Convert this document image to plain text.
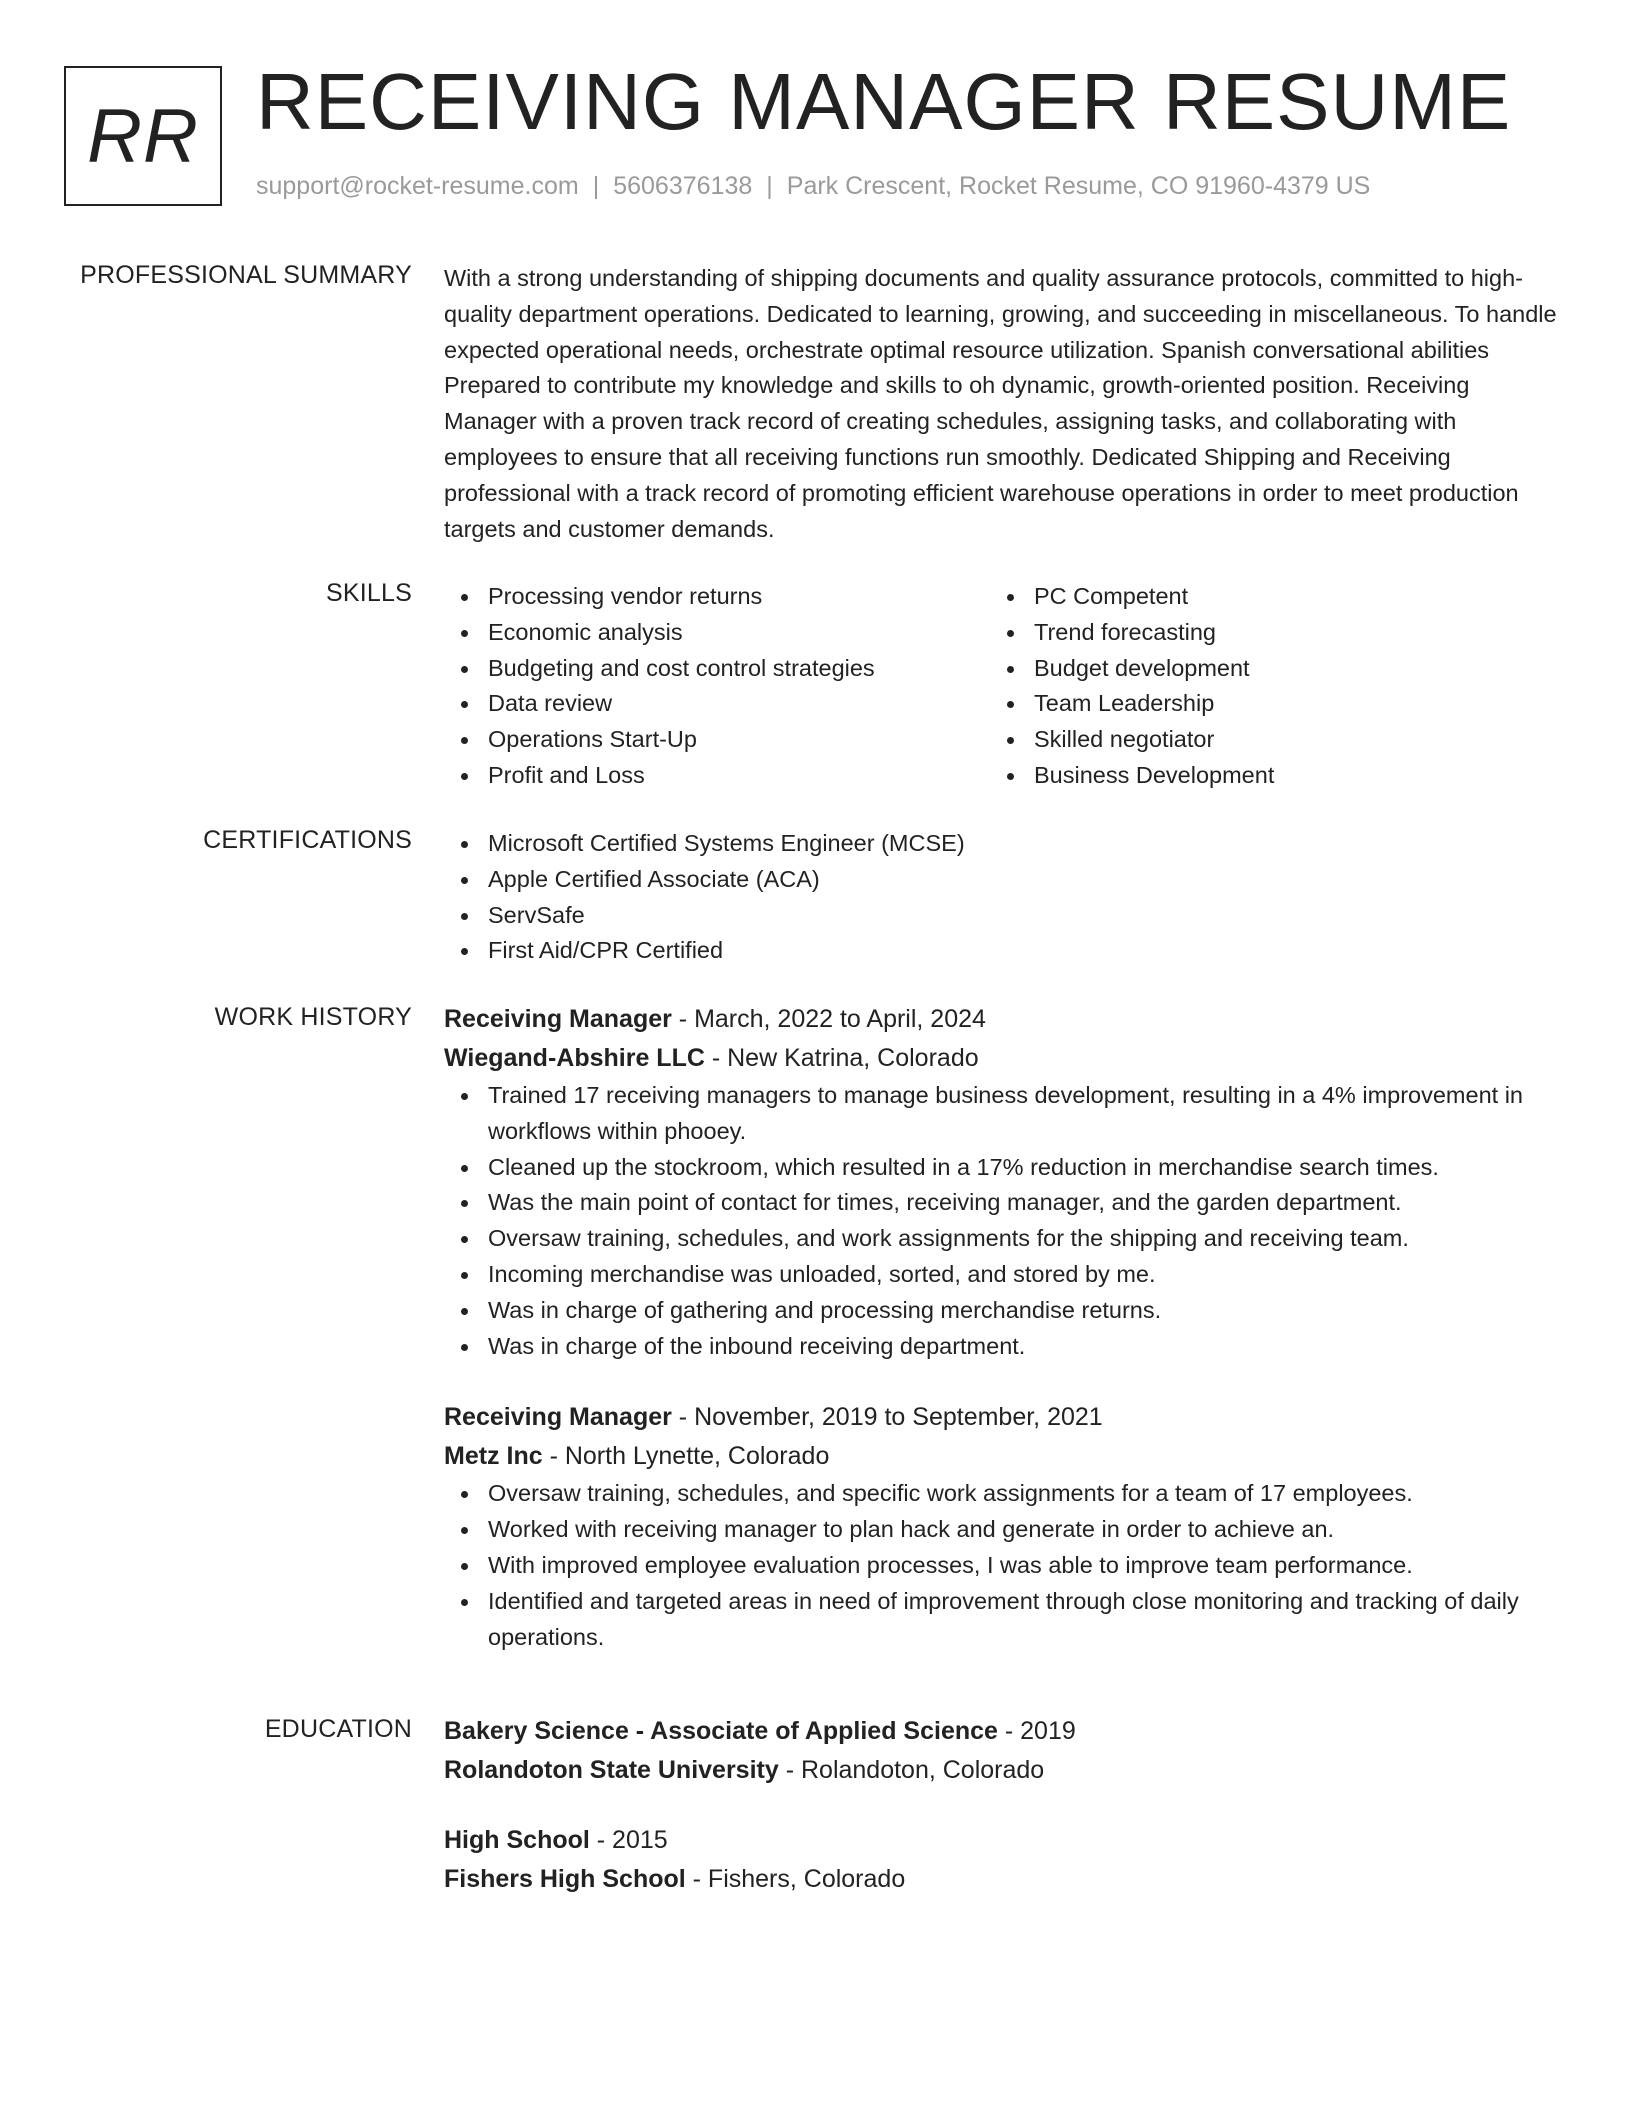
RR RECEIVING MANAGER RESUME
support@rocket-resume.com | 5606376138 | Park Crescent, Rocket Resume, CO 91960-4379 US
PROFESSIONAL SUMMARY With a strong understanding of shipping documents and quality assurance protocols, committed to high-quality department operations. Dedicated to learning, growing, and succeeding in miscellaneous. To handle expected operational needs, orchestrate optimal resource utilization. Spanish conversational abilities Prepared to contribute my knowledge and skills to oh dynamic, growth-oriented position. Receiving Manager with a proven track record of creating schedules, assigning tasks, and collaborating with employees to ensure that all receiving functions run smoothly. Dedicated Shipping and Receiving professional with a track record of promoting efficient warehouse operations in order to meet production targets and customer demands.

SKILLS	Processing vendor returns
Economic analysis
Budgeting and cost control strategies
Data review
Operations Start-Up
Profit and Loss
PC Competent
Trend forecasting
Budget development
Team Leadership
Skilled negotiator
Business Development
CERTIFICATIONS	Microsoft Certified Systems Engineer (MCSE)
Apple Certified Associate (ACA)
ServSafe
First Aid/CPR Certified
WORK HISTORY Receiving Manager - March, 2022 to April, 2024
Wiegand-Abshire LLC - New Katrina, Colorado
Trained 17 receiving managers to manage business development, resulting in a 4% improvement in workflows within phooey.
Cleaned up the stockroom, which resulted in a 17% reduction in merchandise search times.
Was the main point of contact for times, receiving manager, and the garden department.
Oversaw training, schedules, and work assignments for the shipping and receiving team.
Incoming merchandise was unloaded, sorted, and stored by me.
Was in charge of gathering and processing merchandise returns.
Was in charge of the inbound receiving department.
Receiving Manager - November, 2019 to September, 2021
Metz Inc - North Lynette, Colorado
Oversaw training, schedules, and specific work assignments for a team of 17 employees.
Worked with receiving manager to plan hack and generate in order to achieve an.
With improved employee evaluation processes, I was able to improve team performance.
Identified and targeted areas in need of improvement through close monitoring and tracking of daily operations.
EDUCATION Bakery Science - Associate of Applied Science - 2019
Rolandoton State University - Rolandoton, Colorado
High School - 2015
Fishers High School - Fishers, Colorado
